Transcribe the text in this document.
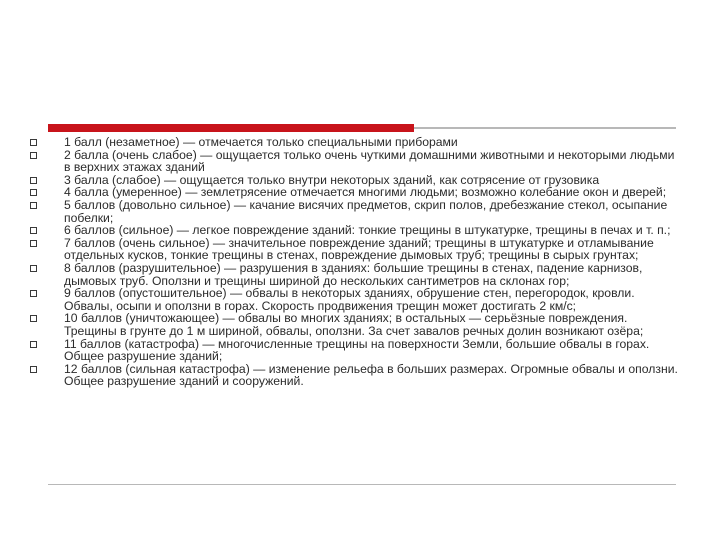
1 балл (незаметное) — отмечается только специальными приборами
2 балла (очень слабое) — ощущается только очень чуткими домашними животными и некоторыми людьми в верхних этажах зданий
3 балла (слабое) — ощущается только внутри некоторых зданий, как сотрясение от грузовика
4 балла (умеренное) — землетрясение отмечается многими людьми; возможно колебание окон и дверей;
5 баллов (довольно сильное) — качание висячих предметов, скрип полов, дребезжание стекол, осыпание побелки;
6 баллов (сильное) — легкое повреждение зданий: тонкие трещины в штукатурке, трещины в печах и т. п.;
7 баллов (очень сильное) — значительное повреждение зданий; трещины в штукатурке и отламывание отдельных кусков, тонкие трещины в стенах, повреждение дымовых труб; трещины в сырых грунтах;
8 баллов (разрушительное) — разрушения в зданиях: большие трещины в стенах, падение карнизов, дымовых труб. Оползни и трещины шириной до нескольких сантиметров на склонах гор;
9 баллов (опустошительное) — обвалы в некоторых зданиях, обрушение стен, перегородок, кровли. Обвалы, осыпи и оползни в горах. Скорость продвижения трещин может достигать 2 км/с;
10 баллов (уничтожающее) — обвалы во многих зданиях; в остальных — серьёзные повреждения. Трещины в грунте до 1 м шириной, обвалы, оползни. За счет завалов речных долин возникают озёра;
11 баллов (катастрофа) — многочисленные трещины на поверхности Земли, большие обвалы в горах. Общее разрушение зданий;
12 баллов (сильная катастрофа) — изменение рельефа в больших размерах. Огромные обвалы и оползни. Общее разрушение зданий и сооружений.
